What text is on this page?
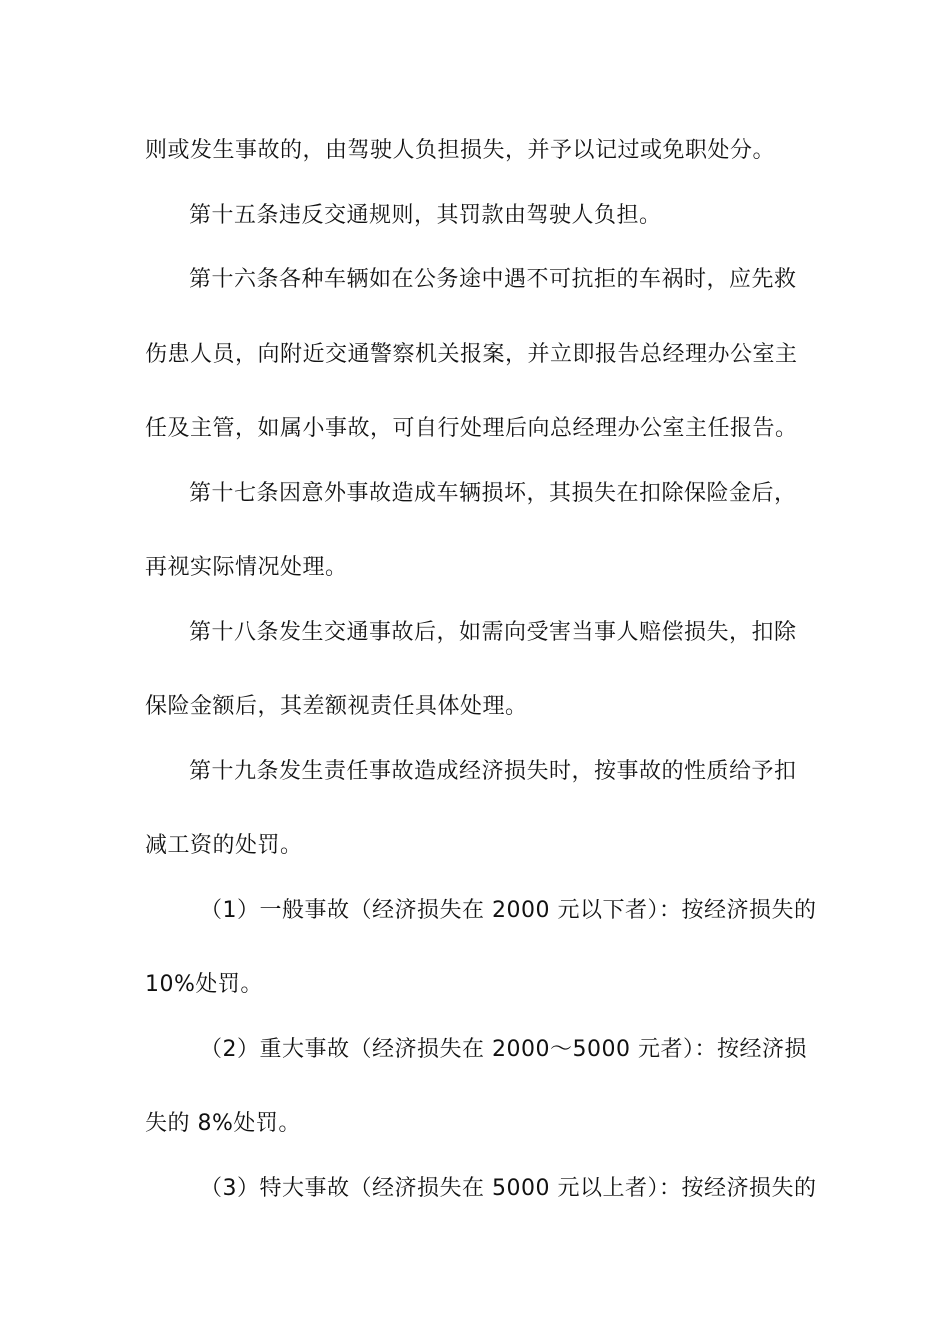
则或发生事故的，由驾驶人负担损失，并予以记过或免职处分。
第十五条违反交通规则，其罚款由驾驶人负担。
第十六条各种车辆如在公务途中遇不可抗拒的车祸时，应先救
伤患人员，向附近交通警察机关报案，并立即报告总经理办公室主
任及主管，如属小事故，可自行处理后向总经理办公室主任报告。
第十七条因意外事故造成车辆损坏，其损失在扣除保险金后，
再视实际情况处理。
第十八条发生交通事故后，如需向受害当事人赔偿损失，扣除
保险金额后，其差额视责任具体处理。
第十九条发生责任事故造成经济损失时，按事故的性质给予扣
减工资的处罚。
（1）一般事故（经济损失在 2000 元以下者）：按经济损失的
10%处罚。
（2）重大事故（经济损失在 2000～5000 元者）：按经济损
失的 8%处罚。
（3）特大事故（经济损失在 5000 元以上者）：按经济损失的
